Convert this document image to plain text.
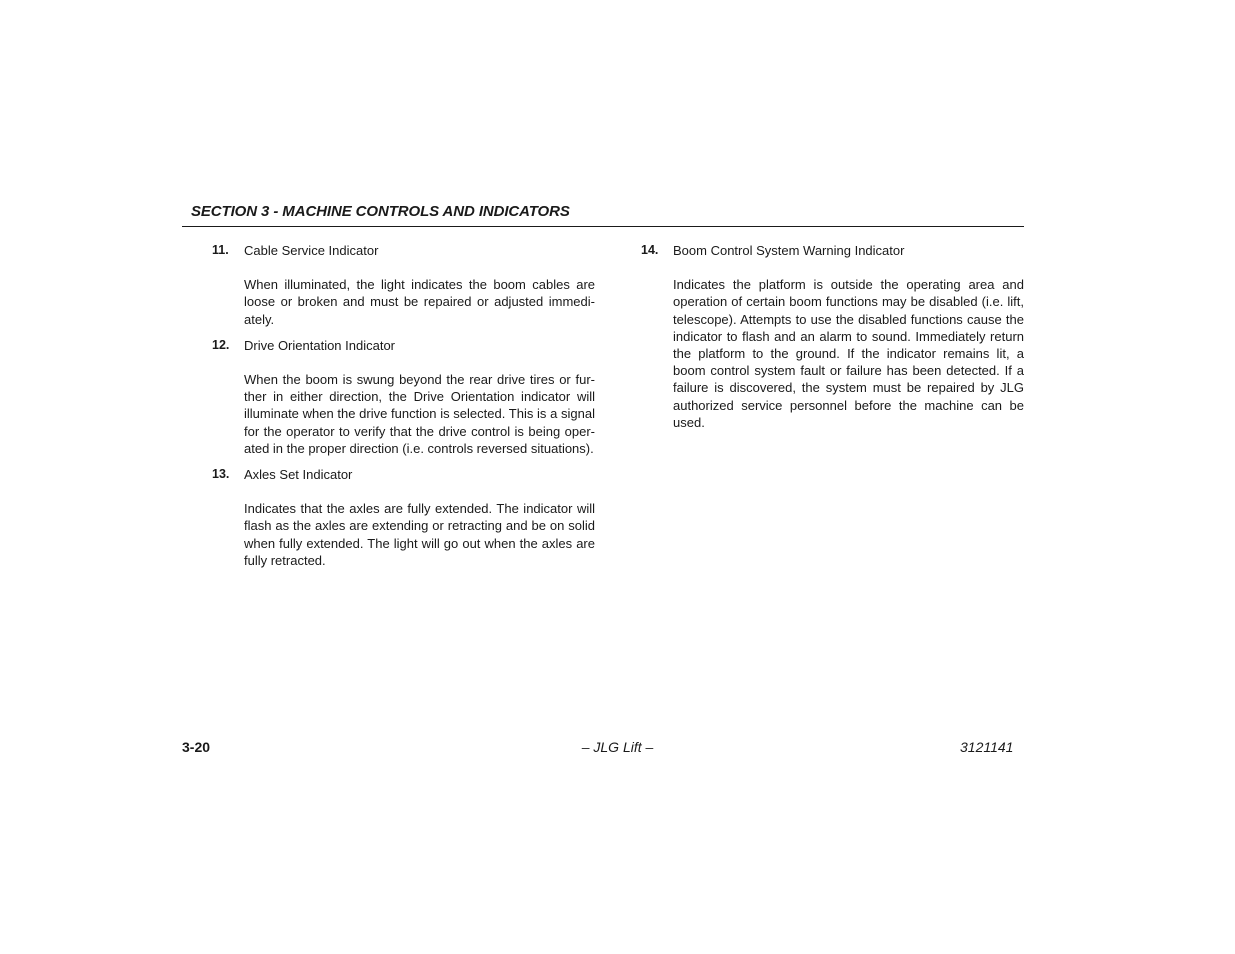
SECTION 3 - MACHINE CONTROLS AND INDICATORS
11. Cable Service Indicator
When illuminated, the light indicates the boom cables are loose or broken and must be repaired or adjusted immediately.
12. Drive Orientation Indicator
When the boom is swung beyond the rear drive tires or further in either direction, the Drive Orientation indicator will illuminate when the drive function is selected. This is a signal for the operator to verify that the drive control is being operated in the proper direction (i.e. controls reversed situations).
13. Axles Set Indicator
Indicates that the axles are fully extended. The indicator will flash as the axles are extending or retracting and be on solid when fully extended. The light will go out when the axles are fully retracted.
14. Boom Control System Warning Indicator
Indicates the platform is outside the operating area and operation of certain boom functions may be disabled (i.e. lift, telescope). Attempts to use the disabled functions cause the indicator to flash and an alarm to sound. Immediately return the platform to the ground. If the indicator remains lit, a boom control system fault or failure has been detected. If a failure is discovered, the system must be repaired by JLG authorized service personnel before the machine can be used.
3-20	– JLG Lift –	3121141
